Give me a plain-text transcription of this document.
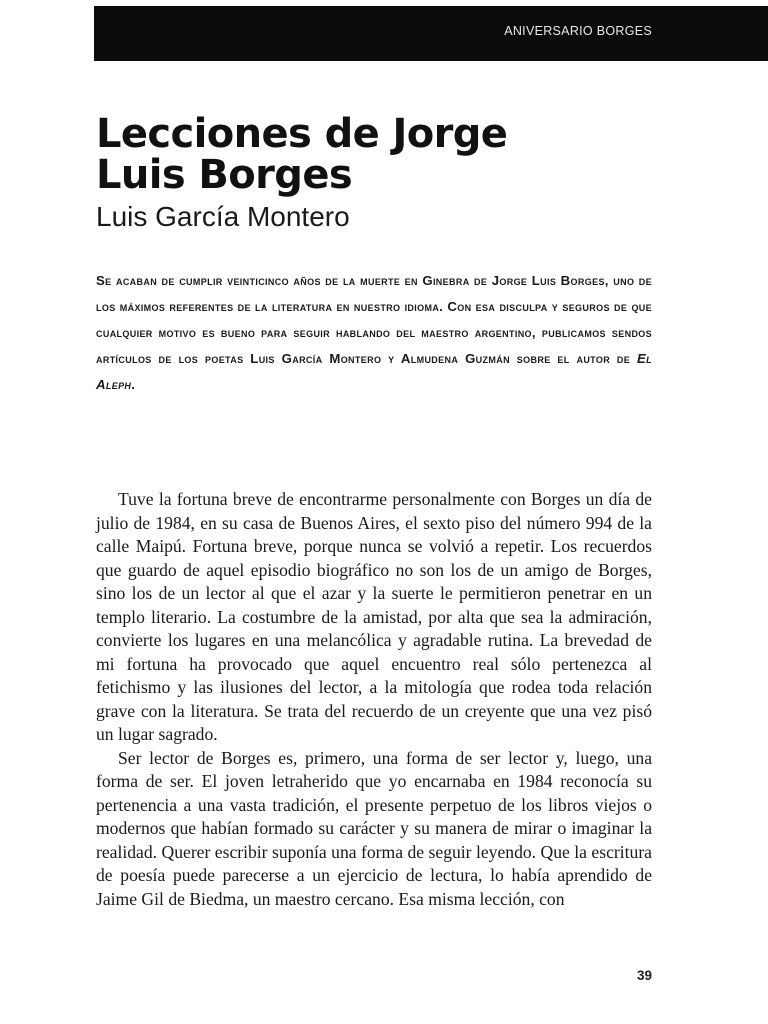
ANIVERSARIO BORGES
Lecciones de Jorge
Luis Borges
Luis García Montero

Se acaban de cumplir veinticinco años de la muerte en Ginebra de Jorge Luis Borges, uno de los máximos referentes de la literatura en nuestro idioma. Con esa disculpa y seguros de que cualquier motivo es bueno para seguir hablando del maestro argentino, publicamos sendos artículos de los poetas Luis García Montero y Almudena Guzmán sobre el autor de El Aleph.

Tuve la fortuna breve de encontrarme personalmente con Borges un día de julio de 1984, en su casa de Buenos Aires, el sexto piso del número 994 de la calle Maipú. Fortuna breve, porque nunca se volvió a repetir. Los recuerdos que guardo de aquel episodio biográfico no son los de un amigo de Borges, sino los de un lector al que el azar y la suerte le permitieron penetrar en un templo literario. La costumbre de la amistad, por alta que sea la admiración, convierte los lugares en una melancólica y agradable rutina. La brevedad de mi fortuna ha provocado que aquel encuentro real sólo pertenezca al fetichismo y las ilusiones del lector, a la mitología que rodea toda relación grave con la literatura. Se trata del recuerdo de un creyente que una vez pisó un lugar sagrado.

Ser lector de Borges es, primero, una forma de ser lector y, luego, una forma de ser. El joven letraherido que yo encarnaba en 1984 reconocía su pertenencia a una vasta tradición, el presente perpetuo de los libros viejos o modernos que habían formado su carácter y su manera de mirar o imaginar la realidad. Querer escribir suponía una forma de seguir leyendo. Que la escritura de poesía puede parecerse a un ejercicio de lectura, lo había aprendido de Jaime Gil de Biedma, un maestro cercano. Esa misma lección, con

39
